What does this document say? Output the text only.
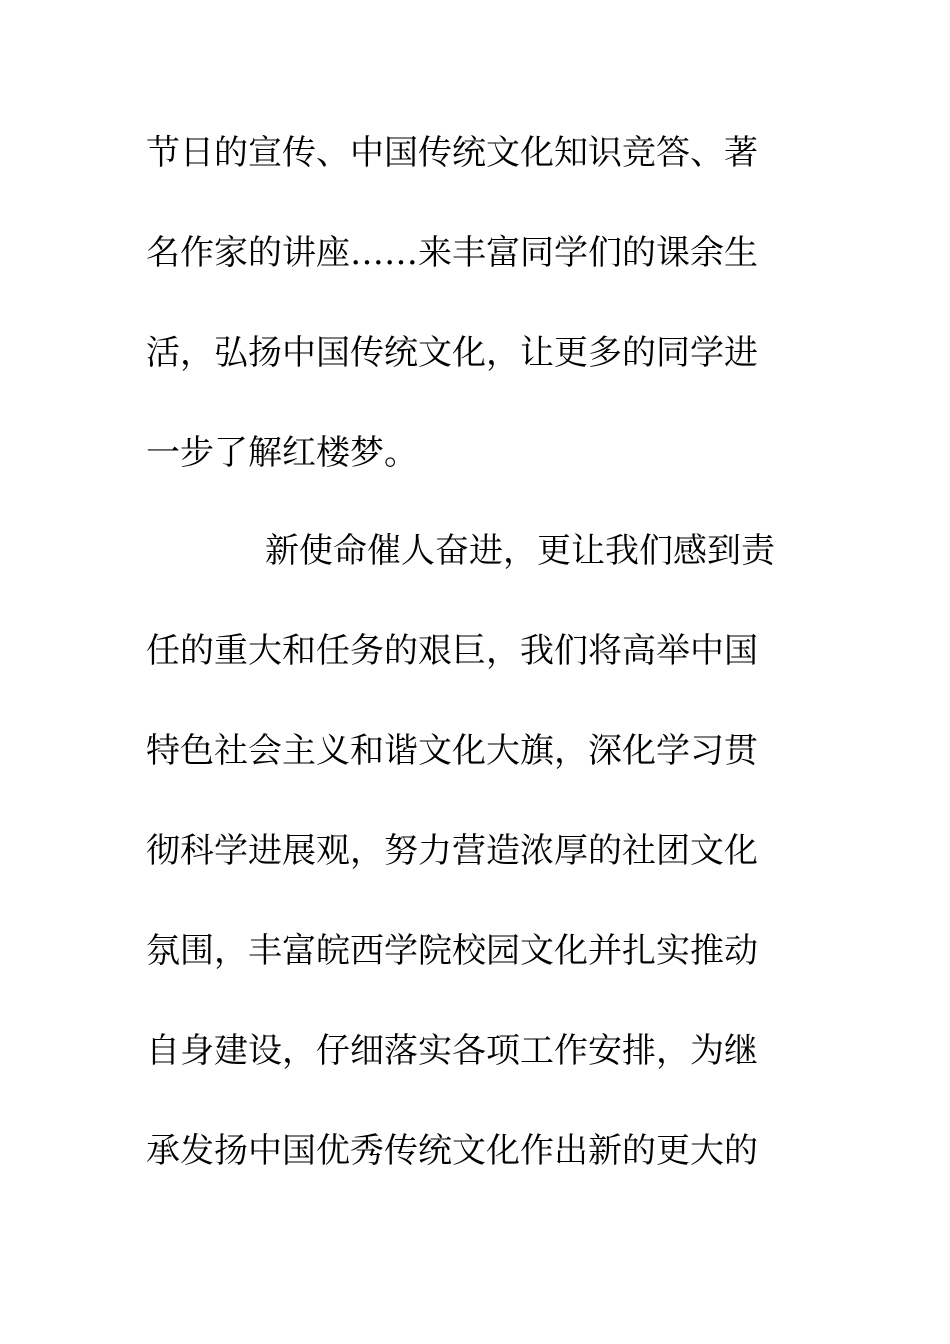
节日的宣传、中国传统文化知识竞答、著

名作家的讲座……来丰富同学们的课余生

活，弘扬中国传统文化，让更多的同学进

一步了解红楼梦。

新使命催人奋进，更让我们感到责

任的重大和任务的艰巨，我们将高举中国

特色社会主义和谐文化大旗，深化学习贯

彻科学进展观，努力营造浓厚的社团文化

氛围，丰富皖西学院校园文化并扎实推动

自身建设，仔细落实各项工作安排，为继

承发扬中国优秀传统文化作出新的更大的
